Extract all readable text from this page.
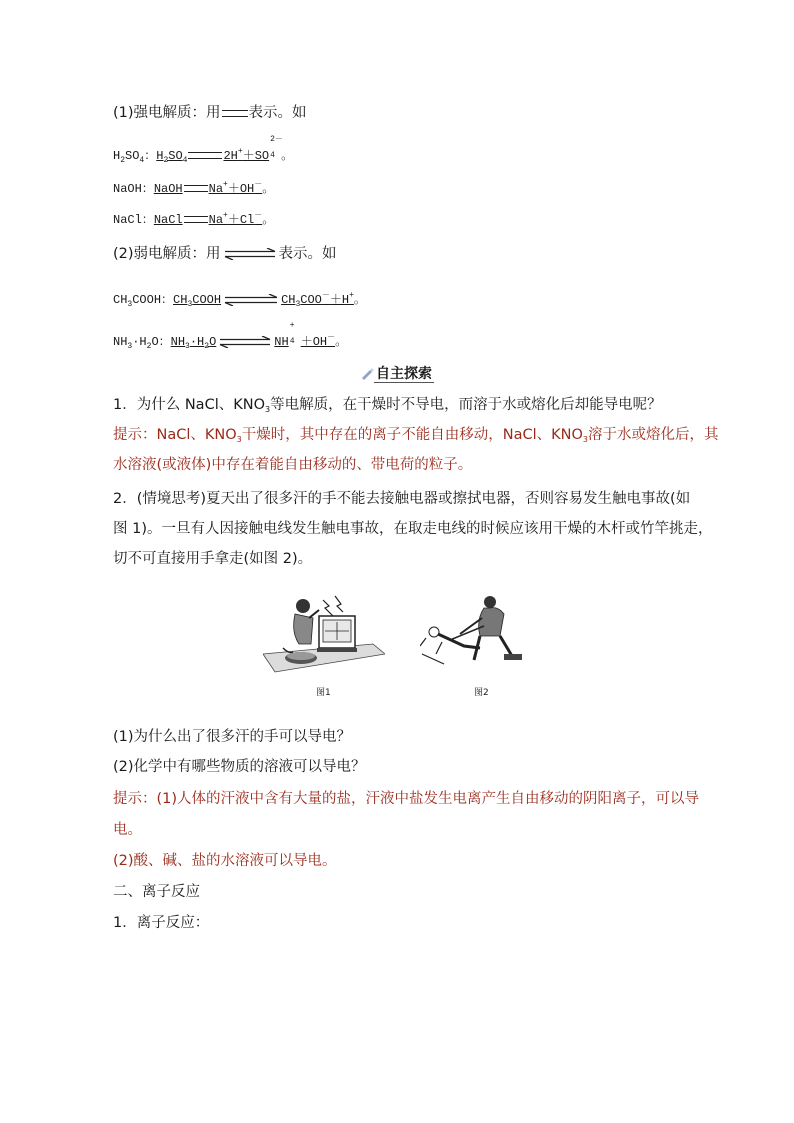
(1)强电解质：用 表示。如
$H_2SO_4$：$H_2SO_4$	2H+＋SO
2－
4 。
NaOH：NaOH Na+＋OH－。
NaCl：NaCl Na+＋Cl－。
(2)弱电解质：用 ⇌ 表示。如
$CH_3COOH$：$CH_3COOH$	$CH_3COO^-+H^+$。
$NH_3\cdot H_2O$：$NH_3\cdot H_2O$	NH
+
4 ＋OH－。
自主探索
1．为什么 NaCl、$KNO_3$等电解质，在干燥时不导电，而溶于水或熔化后却能导电呢？
提示：NaCl、$KNO_3$干燥时，其中存在的离子不能自由移动，NaCl、$KNO_3$溶于水或熔化后，其
水溶液(或液体)中存在着能自由移动的、带电荷的粒子。
2．(情境思考)夏天出了很多汗的手不能去接触电器或擦拭电器，否则容易发生触电事故(如
图 1)。一旦有人因接触电线发生触电事故，在取走电线的时候应该用干燥的木杆或竹竿挑走，
切不可直接用手拿走(如图 2)。
图1	图2
(1)为什么出了很多汗的手可以导电？
(2)化学中有哪些物质的溶液可以导电？
提示：(1)人体的汗液中含有大量的盐，汗液中盐发生电离产生自由移动的阴阳离子，可以导
电。
(2)酸、碱、盐的水溶液可以导电。
二、离子反应
1．离子反应：
